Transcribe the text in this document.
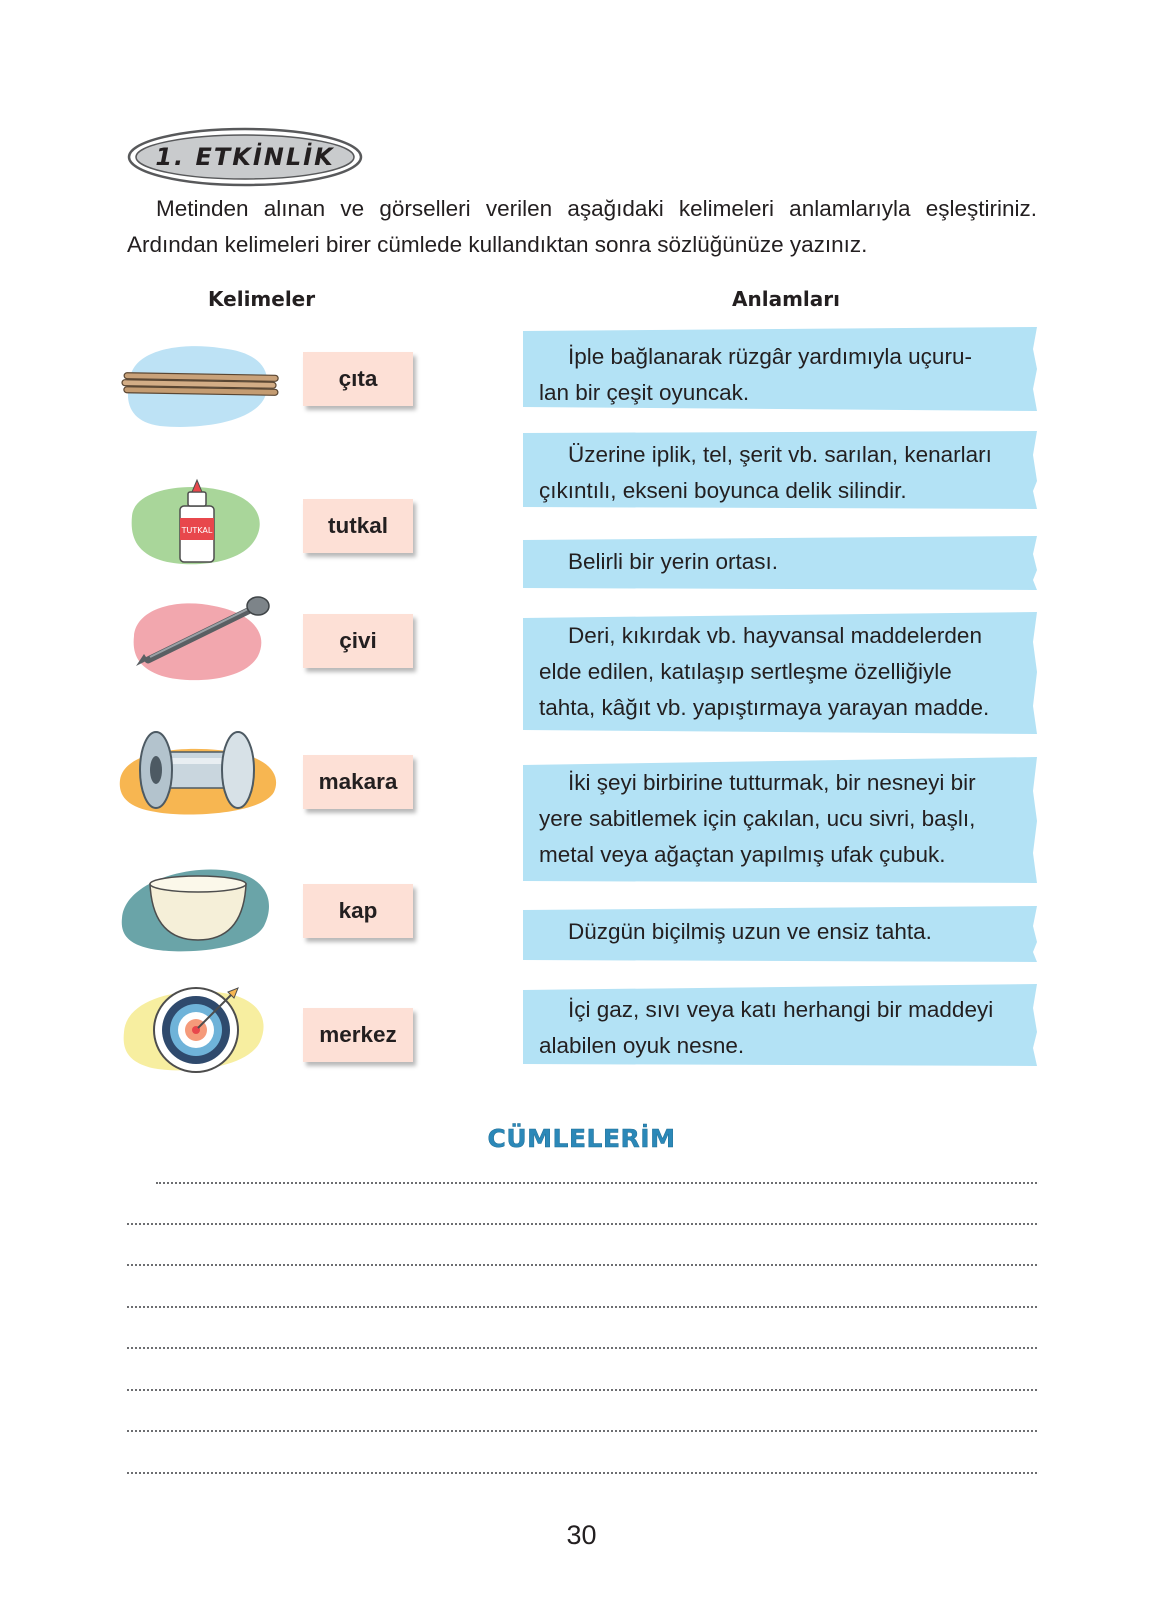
1. ETKİNLİK

Metinden alınan ve görselleri verilen aşağıdaki kelimeleri anlamlarıyla eşleştiriniz. Ardından kelimeleri birer cümlede kullandıktan sonra sözlüğünüze yazınız.

Kelimeler	Anlamları
TUTKAL
çıta
tutkal
çivi
makara
kap
merkez
İple bağlanarak rüzgâr yardımıyla uçuru-
lan bir çeşit oyuncak.
Üzerine iplik, tel, şerit vb. sarılan, kenarları
çıkıntılı, ekseni boyunca delik silindir.
Belirli bir yerin ortası.
Deri, kıkırdak vb. hayvansal maddelerden
elde edilen, katılaşıp sertleşme özelliğiyle
tahta, kâğıt vb. yapıştırmaya yarayan madde.
İki şeyi birbirine tutturmak, bir nesneyi bir
yere sabitlemek için çakılan, ucu sivri, başlı,
metal veya ağaçtan yapılmış ufak çubuk.
Düzgün biçilmiş uzun ve ensiz tahta.
İçi gaz, sıvı veya katı herhangi bir maddeyi
alabilen oyuk nesne.
CÜMLELERİM
30
